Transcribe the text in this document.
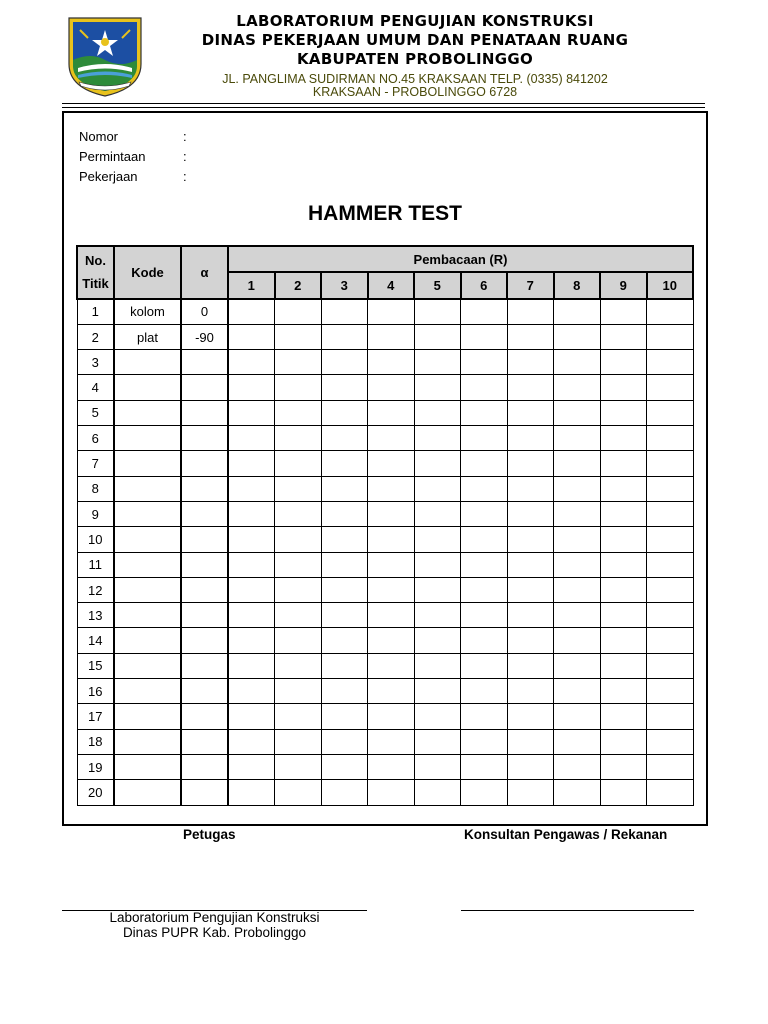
LABORATORIUM PENGUJIAN KONSTRUKSI
DINAS PEKERJAAN UMUM DAN PENATAAN RUANG
KABUPATEN PROBOLINGGO
JL. PANGLIMA SUDIRMAN NO.45 KRAKSAAN TELP. (0335) 841202
KRAKSAAN - PROBOLINGGO 6728
Nomor	:
Permintaan	:
Pekerjaan	:
HAMMER TEST
No.
Titik	Kode	α	Pembacaan (R)									
			1	2	3	4	5	6	7	8	9	10
1	kolom	0										
2	plat	-90										
3												
4												
5												
6												
7												
8												
9												
10												
11												
12												
13												
14												
15												
16												
17												
18												
19												
20												
Petugas	Konsultan Pengawas / Rekanan
Laboratorium Pengujian Konstruksi
Dinas PUPR Kab. Probolinggo
